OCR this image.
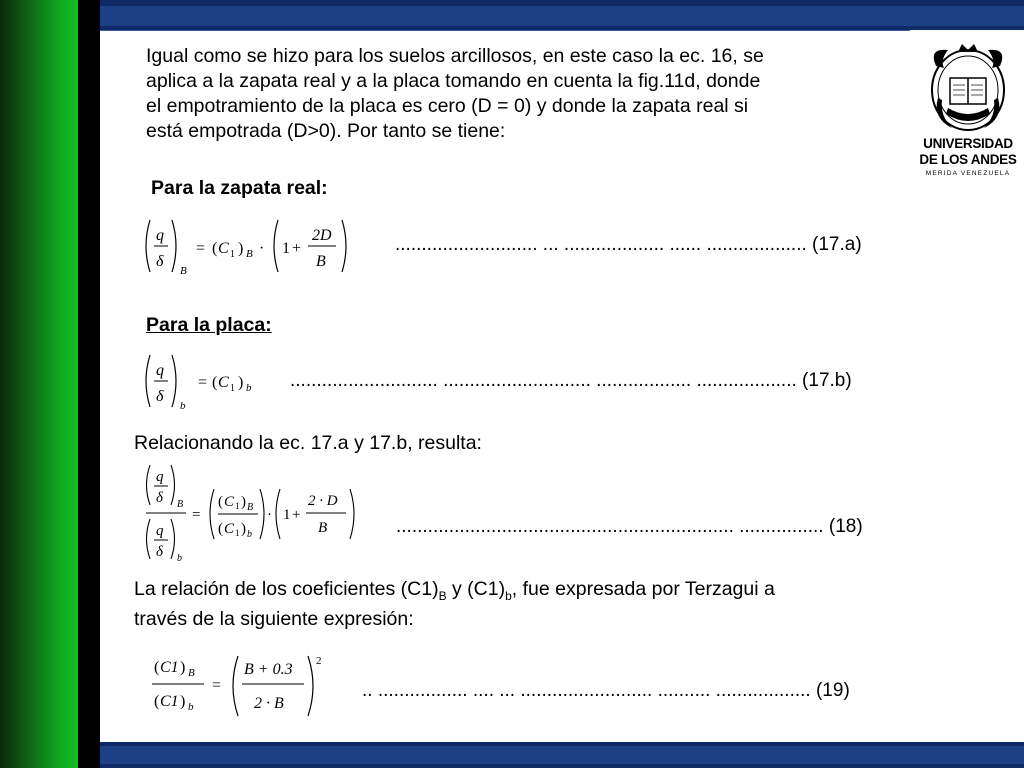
UNIVERSIDAD
DE LOS ANDES
MERIDA VENEZUELA
Igual como se hizo para los suelos arcillosos, en este caso la ec. 16, se
aplica a la zapata real y a la placa tomando en cuenta la fig.11d, donde
el empotramiento de la placa es cero (D = 0) y donde la zapata real si
está empotrada (D>0). Por tanto se tiene:
Para la zapata real:
q
δ
B
= ( C 1 ) B · 1 +
2D
B
........................... ... ................... ...... ................... (17.a)
Para la placa:
q
δ
b
= ( C 1 ) b ............................ ............................ .................. ................... (17.b)
Relacionando la ec. 17.a y 17.b, resulta:
q
δ B
q
δ b
=
( C 1 ) B
( C 1 ) b
· 1 +
2 · D
B	................................................................ ................ (18)
La relación de los coeficientes $(C1)_B$ y $(C1)_b$, fue expresada por Terzagui a
través de la siguiente expresión:
( C1 ) B
( C1 ) b
=
B + 0.3
2 · B
2
.. ................. .... ... ......................... .......... .................. (19)
